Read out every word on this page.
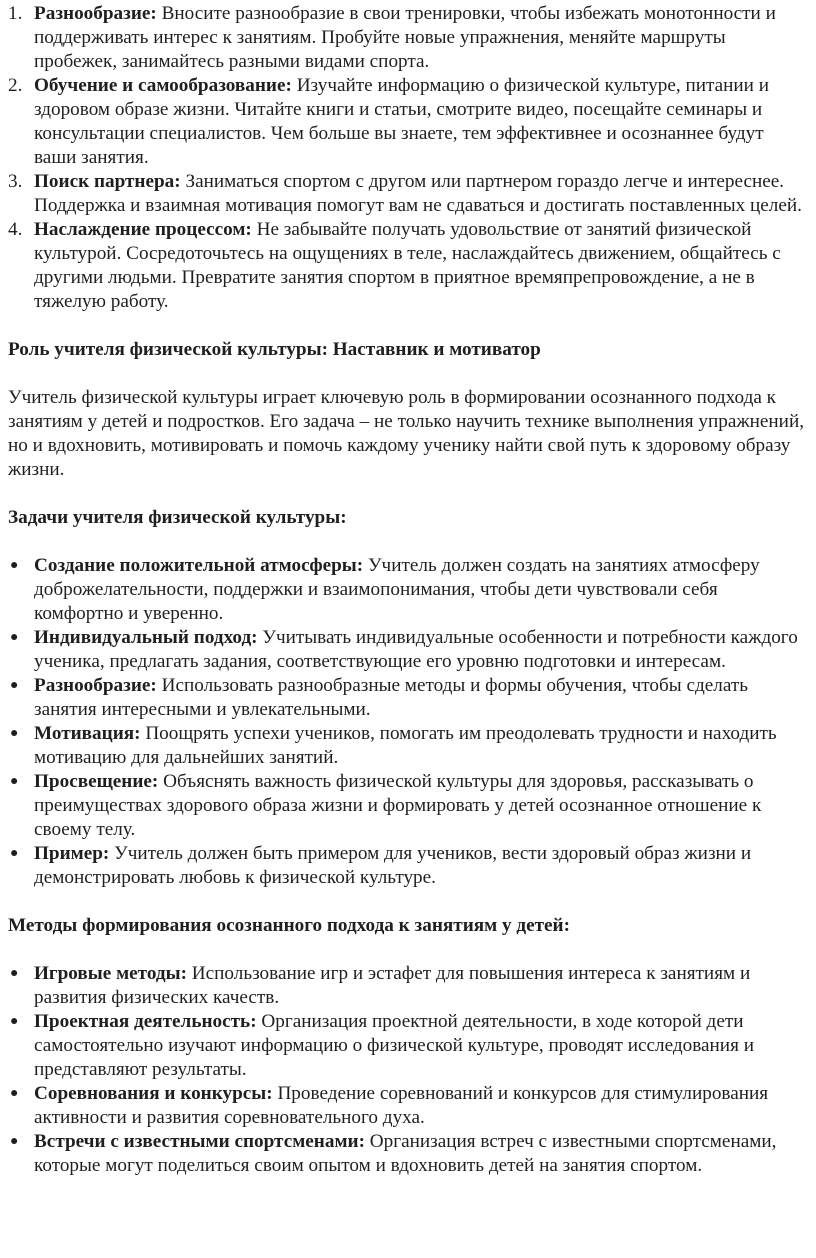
1. Разнообразие: Вносите разнообразие в свои тренировки, чтобы избежать монотонности и поддерживать интерес к занятиям. Пробуйте новые упражнения, меняйте маршруты пробежек, занимайтесь разными видами спорта.
2. Обучение и самообразование: Изучайте информацию о физической культуре, питании и здоровом образе жизни. Читайте книги и статьи, смотрите видео, посещайте семинары и консультации специалистов. Чем больше вы знаете, тем эффективнее и осознаннее будут ваши занятия.
3. Поиск партнера: Заниматься спортом с другом или партнером гораздо легче и интереснее. Поддержка и взаимная мотивация помогут вам не сдаваться и достигать поставленных целей.
4. Наслаждение процессом: Не забывайте получать удовольствие от занятий физической культурой. Сосредоточьтесь на ощущениях в теле, наслаждайтесь движением, общайтесь с другими людьми. Превратите занятия спортом в приятное времяпрепровождение, а не в тяжелую работу.
Роль учителя физической культуры: Наставник и мотиватор

Учитель физической культуры играет ключевую роль в формировании осознанного подхода к занятиям у детей и подростков. Его задача – не только научить технике выполнения упражнений, но и вдохновить, мотивировать и помочь каждому ученику найти свой путь к здоровому образу жизни.

Задачи учителя физической культуры:
● Создание положительной атмосферы: Учитель должен создать на занятиях атмосферу доброжелательности, поддержки и взаимопонимания, чтобы дети чувствовали себя комфортно и уверенно.
● Индивидуальный подход: Учитывать индивидуальные особенности и потребности каждого ученика, предлагать задания, соответствующие его уровню подготовки и интересам.
● Разнообразие: Использовать разнообразные методы и формы обучения, чтобы сделать занятия интересными и увлекательными.
● Мотивация: Поощрять успехи учеников, помогать им преодолевать трудности и находить мотивацию для дальнейших занятий.
● Просвещение: Объяснять важность физической культуры для здоровья, рассказывать о преимуществах здорового образа жизни и формировать у детей осознанное отношение к своему телу.
● Пример: Учитель должен быть примером для учеников, вести здоровый образ жизни и демонстрировать любовь к физической культуре.
Методы формирования осознанного подхода к занятиям у детей:
● Игровые методы: Использование игр и эстафет для повышения интереса к занятиям и развития физических качеств.
● Проектная деятельность: Организация проектной деятельности, в ходе которой дети самостоятельно изучают информацию о физической культуре, проводят исследования и представляют результаты.
● Соревнования и конкурсы: Проведение соревнований и конкурсов для стимулирования активности и развития соревновательного духа.
● Встречи с известными спортсменами: Организация встреч с известными спортсменами, которые могут поделиться своим опытом и вдохновить детей на занятия спортом.
